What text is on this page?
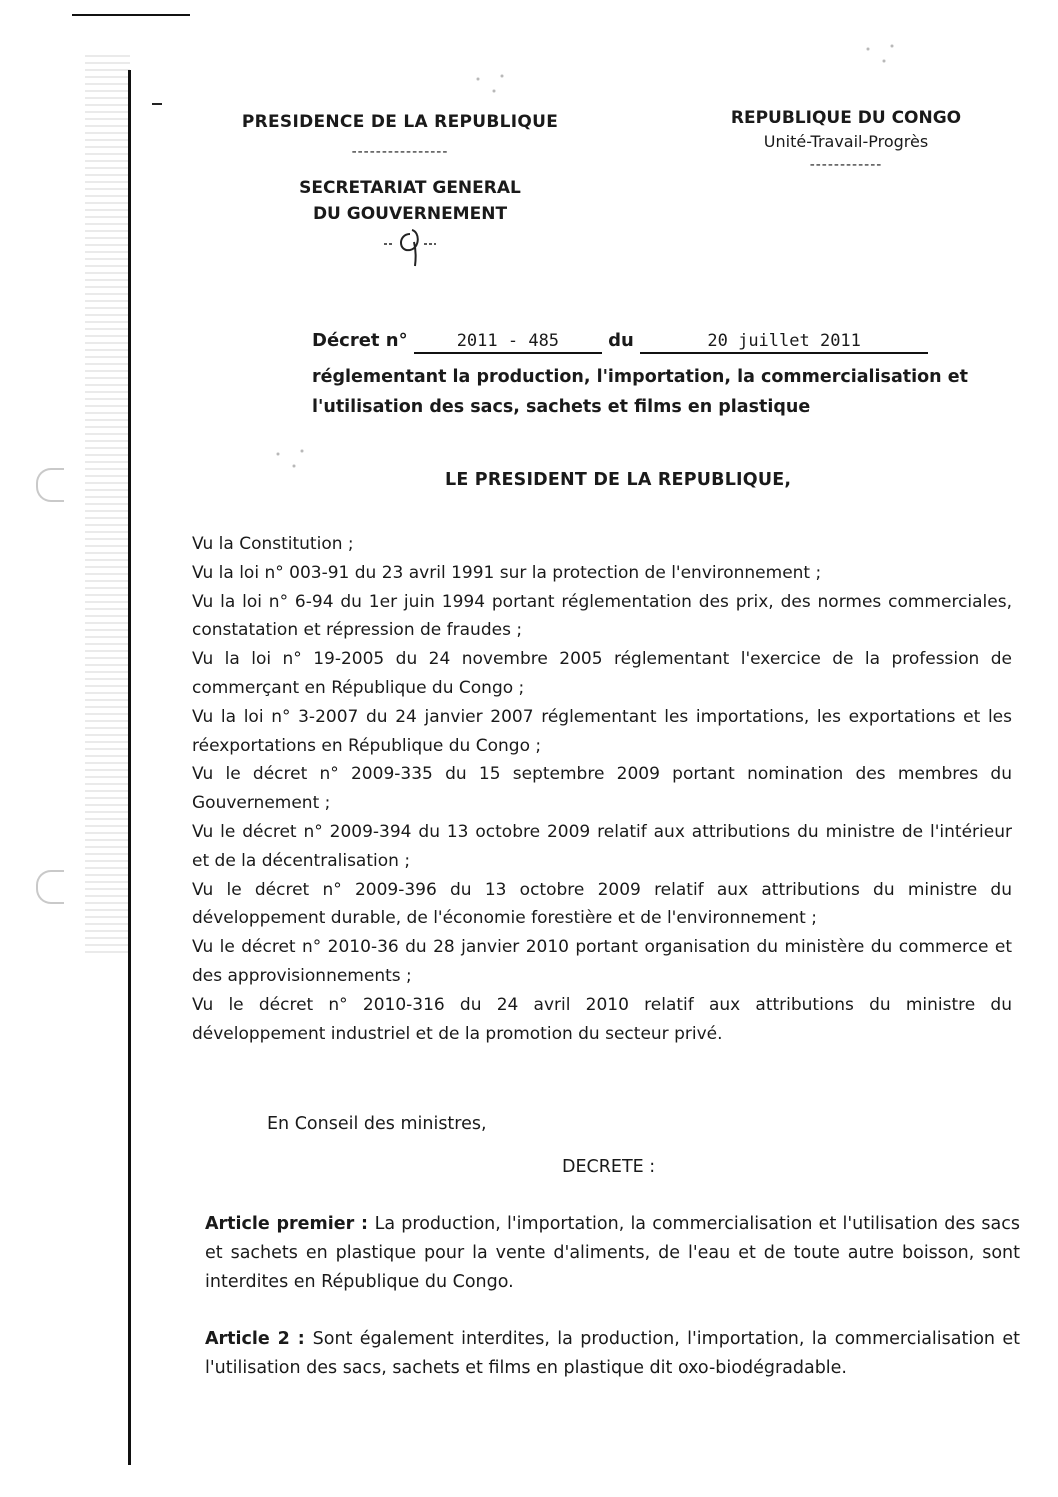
PRESIDENCE DE LA REPUBLIQUE
----------------
SECRETARIAT GENERAL
DU GOUVERNEMENT
REPUBLIQUE DU CONGO
Unité-Travail-Progrès
------------
Décret n°	2011 - 485	du	20 juillet 2011
réglementant la production, l'importation, la commercialisation et l'utilisation des sacs, sachets et films en plastique
LE PRESIDENT DE LA REPUBLIQUE,

Vu la Constitution ;

Vu la loi n° 003-91 du 23 avril 1991 sur la protection de l'environnement ;

Vu la loi n° 6-94 du 1er juin 1994 portant réglementation des prix, des normes commerciales, constatation et répression de fraudes ;

Vu la loi n° 19-2005 du 24 novembre 2005 réglementant l'exercice de la profession de commerçant en République du Congo ;

Vu la loi n° 3-2007 du 24 janvier 2007 réglementant les importations, les exportations et les réexportations en République du Congo ;

Vu le décret n° 2009-335 du 15 septembre 2009 portant nomination des membres du Gouvernement ;

Vu le décret n° 2009-394 du 13 octobre 2009 relatif aux attributions du ministre de l'intérieur et de la décentralisation ;

Vu le décret n° 2009-396 du 13 octobre 2009 relatif aux attributions du ministre du développement durable, de l'économie forestière et de l'environnement ;

Vu le décret n° 2010-36 du 28 janvier 2010 portant organisation du ministère du commerce et des approvisionnements ;

Vu le décret n° 2010-316 du 24 avril 2010 relatif aux attributions du ministre du développement industriel et de la promotion du secteur privé.

En Conseil des ministres,
DECRETE :
Article premier : La production, l'importation, la commercialisation et l'utilisation des sacs et sachets en plastique pour la vente d'aliments, de l'eau et de toute autre boisson, sont interdites en République du Congo.
Article 2 : Sont également interdites, la production, l'importation, la commercialisation et l'utilisation des sacs, sachets et films en plastique dit oxo-biodégradable.
